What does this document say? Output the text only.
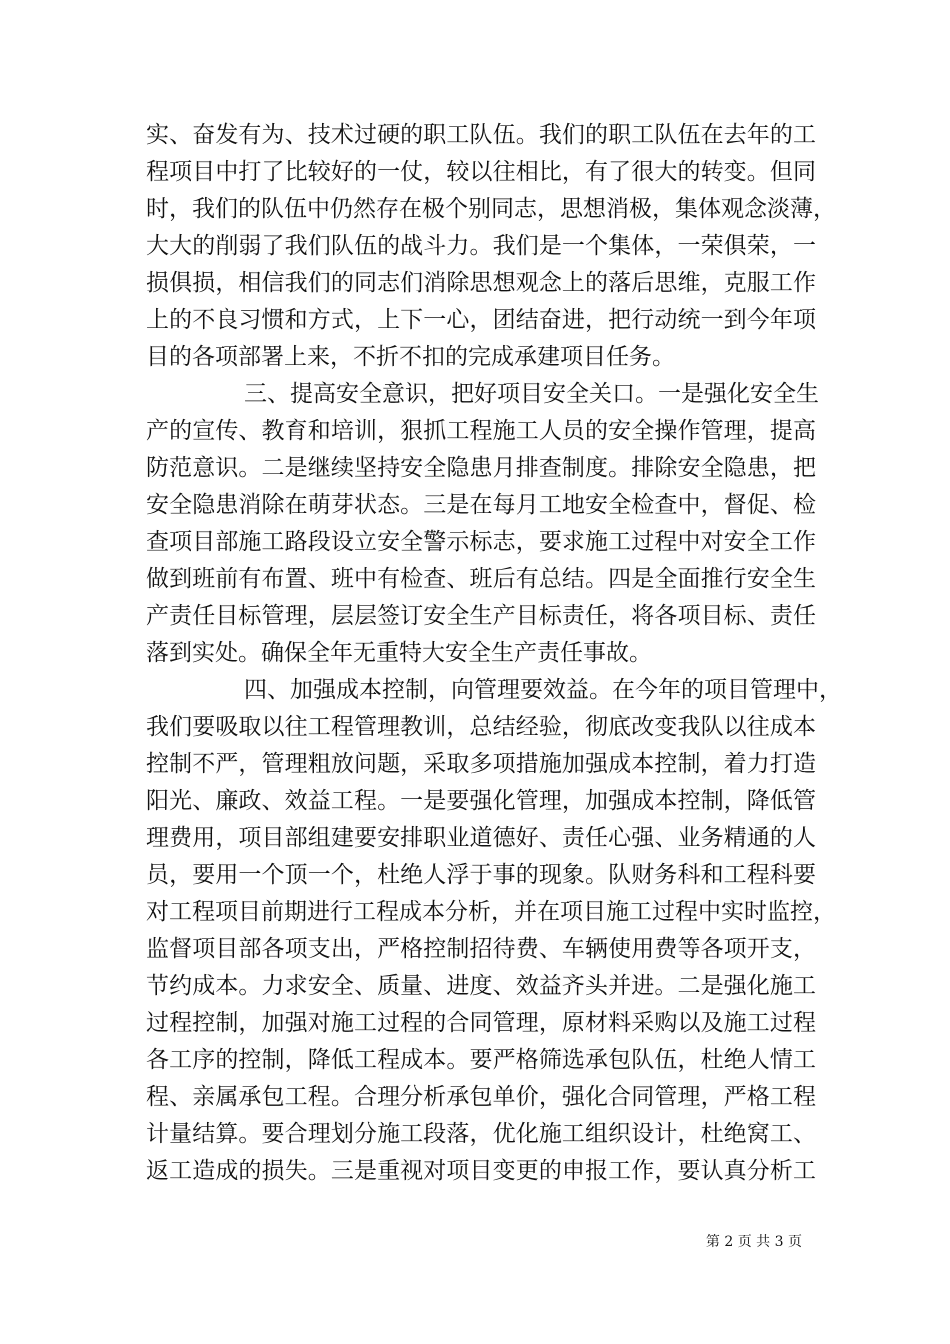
实、奋发有为、技术过硬的职工队伍。我们的职工队伍在去年的工
程项目中打了比较好的一仗，较以往相比，有了很大的转变。但同
时，我们的队伍中仍然存在极个别同志，思想消极，集体观念淡薄，
大大的削弱了我们队伍的战斗力。我们是一个集体，一荣俱荣，一
损俱损，相信我们的同志们消除思想观念上的落后思维，克服工作
上的不良习惯和方式，上下一心，团结奋进，把行动统一到今年项
目的各项部署上来，不折不扣的完成承建项目任务。
三、提高安全意识，把好项目安全关口。一是强化安全生
产的宣传、教育和培训，狠抓工程施工人员的安全操作管理，提高
防范意识。二是继续坚持安全隐患月排查制度。排除安全隐患，把
安全隐患消除在萌芽状态。三是在每月工地安全检查中，督促、检
查项目部施工路段设立安全警示标志，要求施工过程中对安全工作
做到班前有布置、班中有检查、班后有总结。四是全面推行安全生
产责任目标管理，层层签订安全生产目标责任，将各项目标、责任
落到实处。确保全年无重特大安全生产责任事故。
四、加强成本控制，向管理要效益。在今年的项目管理中，
我们要吸取以往工程管理教训，总结经验，彻底改变我队以往成本
控制不严，管理粗放问题，采取多项措施加强成本控制，着力打造
阳光、廉政、效益工程。一是要强化管理，加强成本控制，降低管
理费用，项目部组建要安排职业道德好、责任心强、业务精通的人
员，要用一个顶一个，杜绝人浮于事的现象。队财务科和工程科要
对工程项目前期进行工程成本分析，并在项目施工过程中实时监控，
监督项目部各项支出，严格控制招待费、车辆使用费等各项开支，
节约成本。力求安全、质量、进度、效益齐头并进。二是强化施工
过程控制，加强对施工过程的合同管理，原材料采购以及施工过程
各工序的控制，降低工程成本。要严格筛选承包队伍，杜绝人情工
程、亲属承包工程。合理分析承包单价，强化合同管理，严格工程
计量结算。要合理划分施工段落，优化施工组织设计，杜绝窝工、
返工造成的损失。三是重视对项目变更的申报工作，要认真分析工
第 2 页 共 3 页
